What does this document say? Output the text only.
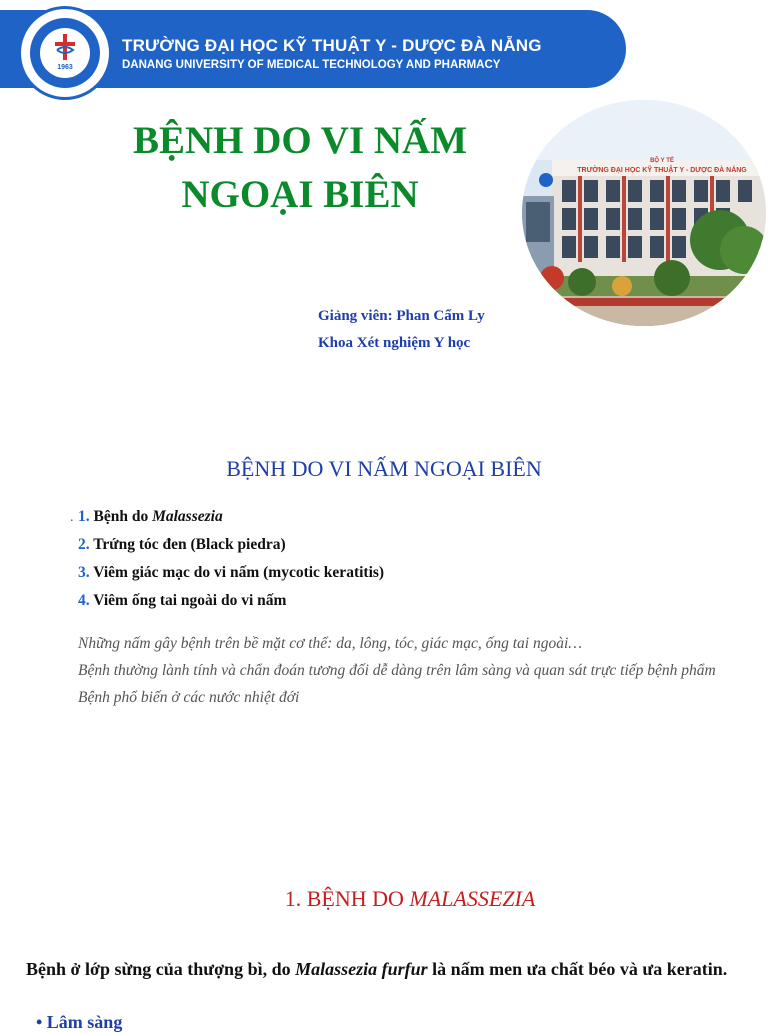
TRƯỜNG ĐẠI HỌC KỸ THUẬT Y - DƯỢC ĐÀ NẴNG
DANANG UNIVERSITY OF MEDICAL TECHNOLOGY AND PHARMACY
1963
BỆNH DO VI NẤM
NGOẠI BIÊN
Giảng viên: Phan Cẩm Ly
Khoa Xét nghiệm Y học
BỘ Y TẾ
TRƯỜNG ĐẠI HỌC KỸ THUẬT Y - DƯỢC ĐÀ NẴNG
BỆNH DO VI NẤM NGOẠI BIÊN
. 1. Bệnh do Malassezia
2. Trứng tóc đen (Black piedra)
3. Viêm giác mạc do vi nấm (mycotic keratitis)
4. Viêm ống tai ngoài do vi nấm

Những nấm gây bệnh trên bề mặt cơ thể: da, lông, tóc, giác mạc, ống tai ngoài…

Bệnh thường lành tính và chẩn đoán tương đối dễ dàng trên lâm sàng và quan sát trực tiếp bệnh phẩm

Bệnh phổ biến ở các nước nhiệt đới

1. BỆNH DO MALASSEZIA
Bệnh ở lớp sừng của thượng bì, do Malassezia furfur là nấm men ưa chất béo và ưa keratin.
• Lâm sàng
